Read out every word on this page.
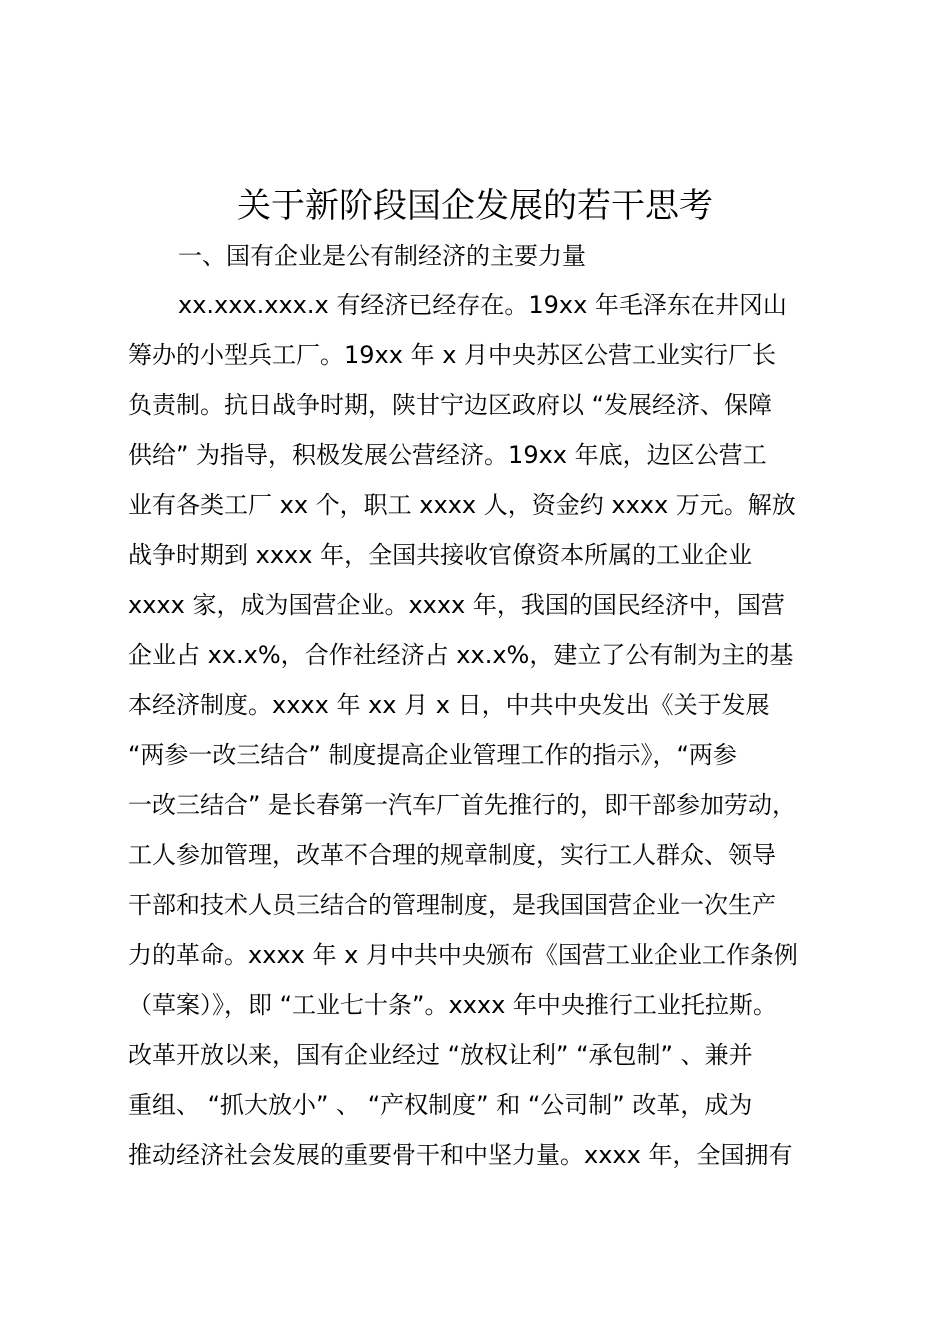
关于新阶段国企发展的若干思考
一、国有企业是公有制经济的主要力量
xx.xxx.xxx.x 有经济已经存在。19xx 年毛泽东在井冈山
筹办的小型兵工厂。19xx 年 x 月中央苏区公营工业实行厂长
负责制。抗日战争时期，陕甘宁边区政府以 “发展经济、保障
供给” 为指导，积极发展公营经济。19xx 年底，边区公营工
业有各类工厂 xx 个，职工 xxxx 人，资金约 xxxx 万元。解放
战争时期到 xxxx 年，全国共接收官僚资本所属的工业企业
xxxx 家，成为国营企业。xxxx 年，我国的国民经济中，国营
企业占 xx.x%，合作社经济占 xx.x%，建立了公有制为主的基
本经济制度。xxxx 年 xx 月 x 日，中共中央发出《关于发展
“两参一改三结合” 制度提高企业管理工作的指示》，“两参
一改三结合” 是长春第一汽车厂首先推行的，即干部参加劳动，
工人参加管理，改革不合理的规章制度，实行工人群众、领导
干部和技术人员三结合的管理制度，是我国国营企业一次生产
力的革命。xxxx 年 x 月中共中央颁布《国营工业企业工作条例
（草案）》，即 “工业七十条”。xxxx 年中央推行工业托拉斯。
改革开放以来，国有企业经过 “放权让利” “承包制” 、兼并
重组、 “抓大放小” 、 “产权制度” 和 “公司制” 改革，成为
推动经济社会发展的重要骨干和中坚力量。xxxx 年，全国拥有
